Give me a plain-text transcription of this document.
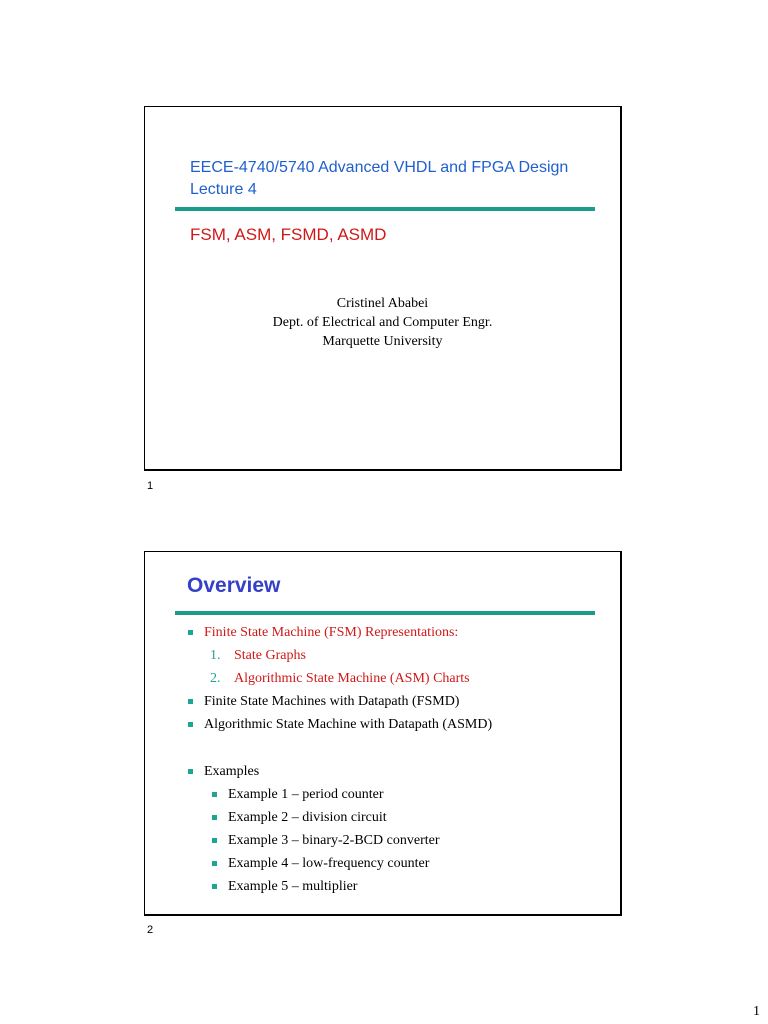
EECE-4740/5740 Advanced VHDL and FPGA Design
Lecture 4
FSM, ASM, FSMD, ASMD
Cristinel Ababei
Dept. of Electrical and Computer Engr.
Marquette University
1
Overview
Finite State Machine (FSM) Representations:
1. State Graphs
2. Algorithmic State Machine (ASM) Charts
Finite State Machines with Datapath (FSMD)
Algorithmic State Machine with Datapath (ASMD)
Examples
Example 1 – period counter
Example 2 – division circuit
Example 3 – binary-2-BCD converter
Example 4 – low-frequency counter
Example 5 – multiplier
2
1
